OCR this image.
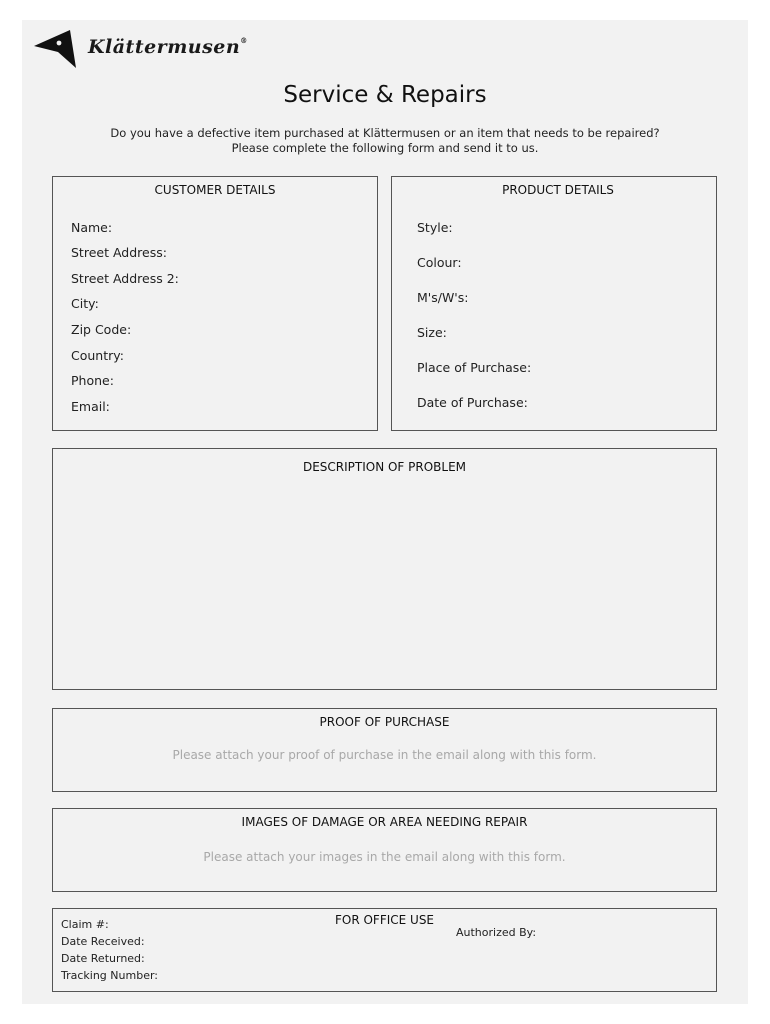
Klättermusen®
Service & Repairs
Do you have a defective item purchased at Klättermusen or an item that needs to be repaired?
Please complete the following form and send it to us.
CUSTOMER DETAILS
Name:
Street Address:
Street Address 2:
City:
Zip Code:
Country:
Phone:
Email:
PRODUCT DETAILS
Style:
Colour:
M's/W's:
Size:
Place of Purchase:
Date of Purchase:
DESCRIPTION OF PROBLEM
PROOF OF PURCHASE
Please attach your proof of purchase in the email along with this form.
IMAGES OF DAMAGE OR AREA NEEDING REPAIR
Please attach your images in the email along with this form.
FOR OFFICE USE
Claim #:
Date Received:
Date Returned:
Tracking Number:
Authorized By:
